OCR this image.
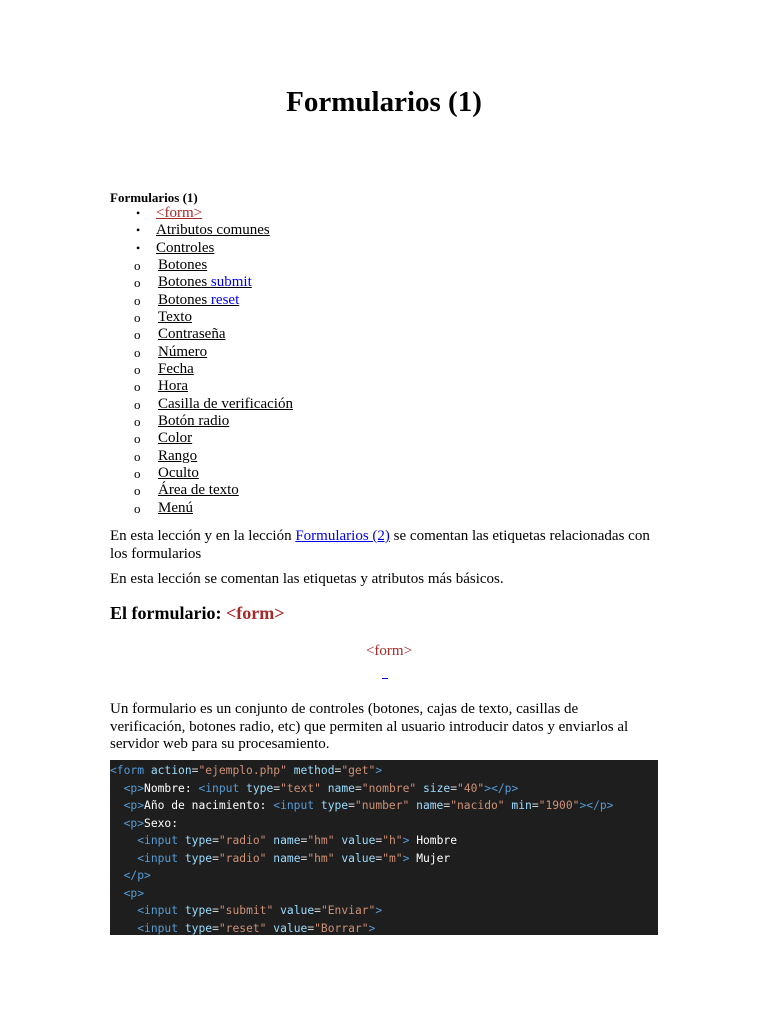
Formularios (1)
Formularios (1)
• <form>
• Atributos comunes
• Controles
o Botones
o Botones submit
o Botones reset
o Texto
o Contraseña
o Número
o Fecha
o Hora
o Casilla de verificación
o Botón radio
o Color
o Rango
o Oculto
o Área de texto
o Menú

En esta lección y en la lección Formularios (2) se comentan las etiquetas relacionadas con los formularios

En esta lección se comentan las etiquetas y atributos más básicos.

El formulario: <form>
<form>

Un formulario es un conjunto de controles (botones, cajas de texto, casillas de verificación, botones radio, etc) que permiten al usuario introducir datos y enviarlos al servidor web para su procesamiento.

<form action="ejemplo.php" method="get">
<p>Nombre: <input type="text" name="nombre" size="40"></p>
<p>Año de nacimiento: <input type="number" name="nacido" min="1900"></p>
<p>Sexo:
<input type="radio" name="hm" value="h"> Hombre
<input type="radio" name="hm" value="m"> Mujer
</p>
<p>
<input type="submit" value="Enviar">
<input type="reset" value="Borrar">
